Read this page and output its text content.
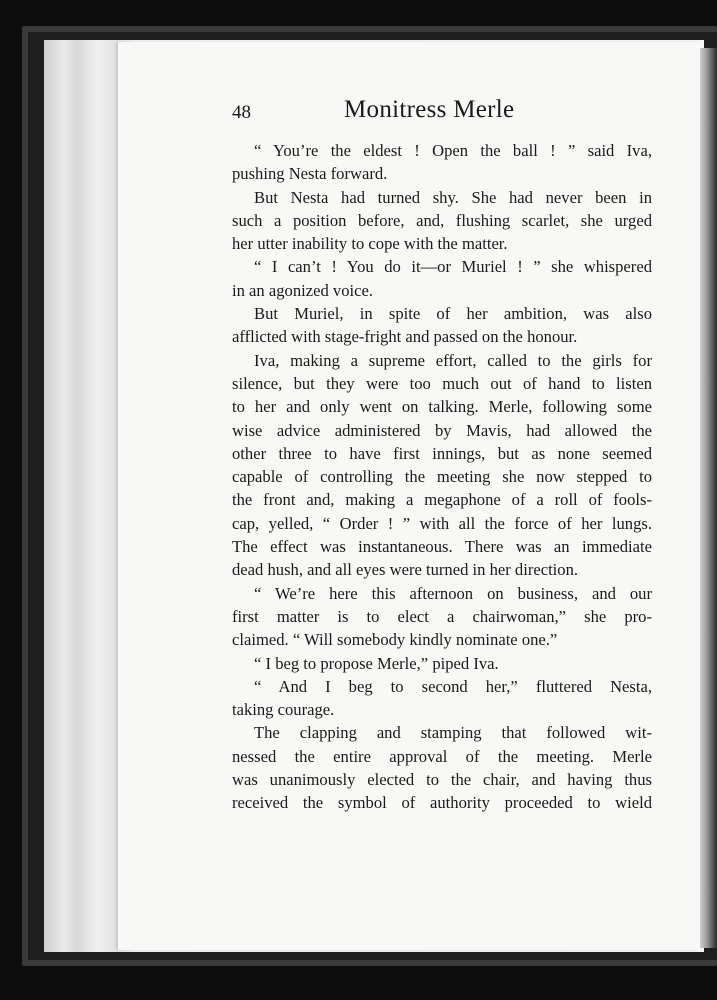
48	Monitress Merle
“ You’re the eldest ! Open the ball ! ” said Iva,
pushing Nesta forward.
But Nesta had turned shy. She had never been in
such a position before, and, flushing scarlet, she urged
her utter inability to cope with the matter.
“ I can’t ! You do it—or Muriel ! ” she whispered
in an agonized voice.
But Muriel, in spite of her ambition, was also
afflicted with stage-fright and passed on the honour.
Iva, making a supreme effort, called to the girls for
silence, but they were too much out of hand to listen
to her and only went on talking. Merle, following some
wise advice administered by Mavis, had allowed the
other three to have first innings, but as none seemed
capable of controlling the meeting she now stepped to
the front and, making a megaphone of a roll of fools-
cap, yelled, “ Order ! ” with all the force of her lungs.
The effect was instantaneous. There was an immediate
dead hush, and all eyes were turned in her direction.
“ We’re here this afternoon on business, and our
first matter is to elect a chairwoman,” she pro-
claimed. “ Will somebody kindly nominate one.”
“ I beg to propose Merle,” piped Iva.
“ And I beg to second her,” fluttered Nesta,
taking courage.
The clapping and stamping that followed wit-
nessed the entire approval of the meeting. Merle
was unanimously elected to the chair, and having thus
received the symbol of authority proceeded to wield
